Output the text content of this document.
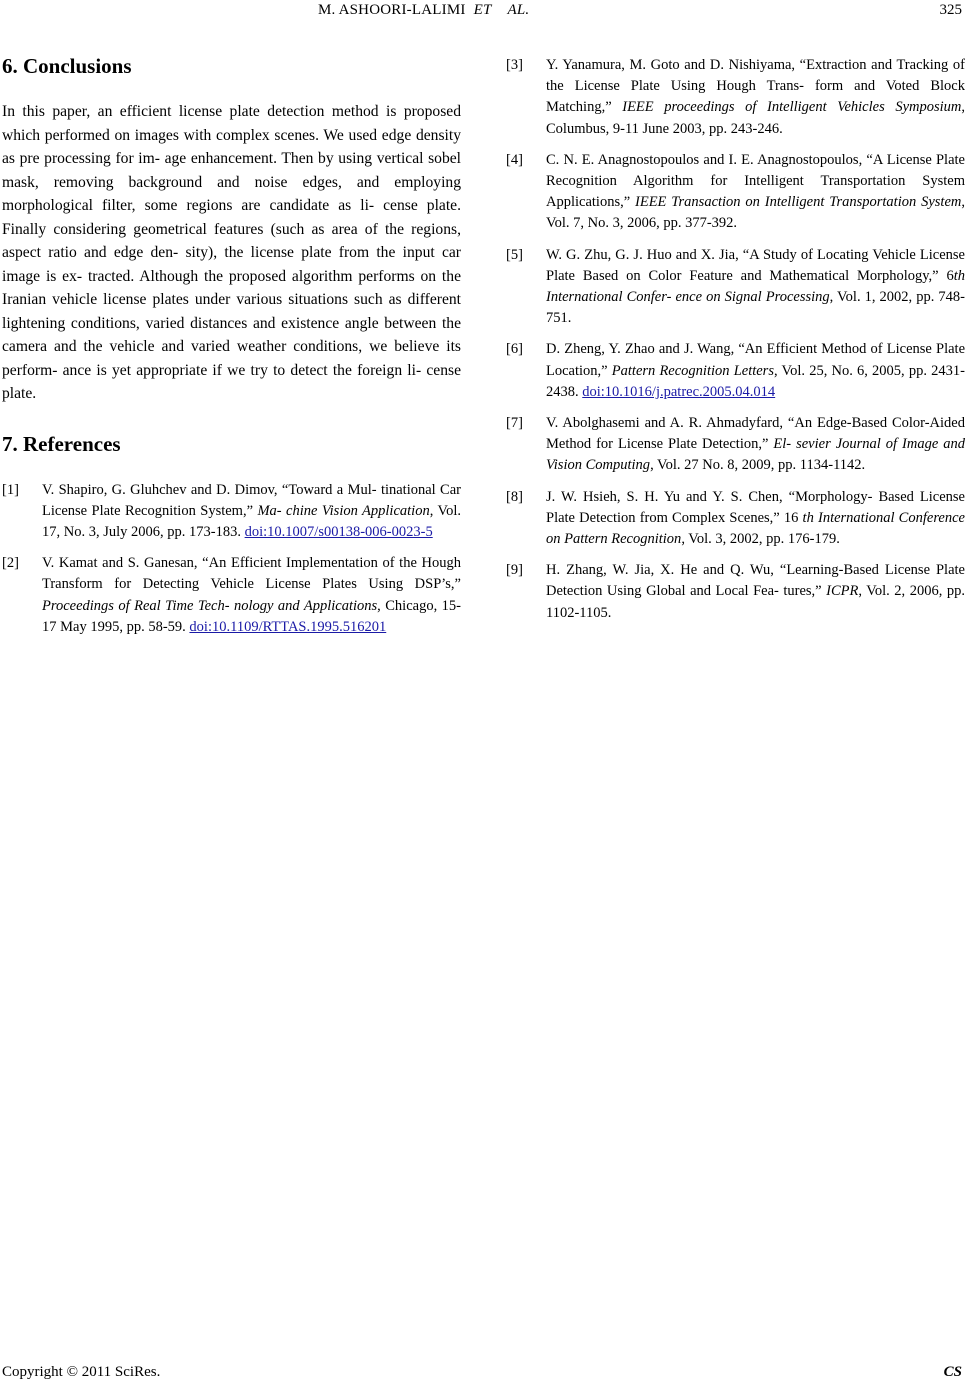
M. ASHOORI-LALIMI ET AL.	325
6. Conclusions

In this paper, an efficient license plate detection method is proposed which performed on images with complex scenes. We used edge density as pre processing for im- age enhancement. Then by using vertical sobel mask, removing background and noise edges, and employing morphological filter, some regions are candidate as li- cense plate. Finally considering geometrical features (such as area of the regions, aspect ratio and edge den- sity), the license plate from the input car image is ex- tracted. Although the proposed algorithm performs on the Iranian vehicle license plates under various situations such as different lightening conditions, varied distances and existence angle between the camera and the vehicle and varied weather conditions, we believe its perform- ance is yet appropriate if we try to detect the foreign li- cense plate.

7. References
[1] V. Shapiro, G. Gluhchev and D. Dimov, “Toward a Mul- tinational Car License Plate Recognition System,” Ma- chine Vision Application, Vol. 17, No. 3, July 2006, pp. 173-183. doi:10.1007/s00138-006-0023-5
[2] V. Kamat and S. Ganesan, “An Efficient Implementation of the Hough Transform for Detecting Vehicle License Plates Using DSP’s,” Proceedings of Real Time Tech- nology and Applications, Chicago, 15-17 May 1995, pp. 58-59. doi:10.1109/RTTAS.1995.516201
[3] Y. Yanamura, M. Goto and D. Nishiyama, “Extraction and Tracking of the License Plate Using Hough Trans- form and Voted Block Matching,” IEEE proceedings of Intelligent Vehicles Symposium, Columbus, 9-11 June 2003, pp. 243-246.
[4] C. N. E. Anagnostopoulos and I. E. Anagnostopoulos, “A License Plate Recognition Algorithm for Intelligent Transportation System Applications,” IEEE Transaction on Intelligent Transportation System, Vol. 7, No. 3, 2006, pp. 377-392.
[5] W. G. Zhu, G. J. Huo and X. Jia, “A Study of Locating Vehicle License Plate Based on Color Feature and Mathematical Morphology,” 6th International Confer- ence on Signal Processing, Vol. 1, 2002, pp. 748-751.
[6] D. Zheng, Y. Zhao and J. Wang, “An Efficient Method of License Plate Location,” Pattern Recognition Letters, Vol. 25, No. 6, 2005, pp. 2431-2438. doi:10.1016/j.patrec.2005.04.014
[7] V. Abolghasemi and A. R. Ahmadyfard, “An Edge-Based Color-Aided Method for License Plate Detection,” El- sevier Journal of Image and Vision Computing, Vol. 27 No. 8, 2009, pp. 1134-1142.
[8] J. W. Hsieh, S. H. Yu and Y. S. Chen, “Morphology- Based License Plate Detection from Complex Scenes,” 16 th International Conference on Pattern Recognition, Vol. 3, 2002, pp. 176-179.
[9] H. Zhang, W. Jia, X. He and Q. Wu, “Learning-Based License Plate Detection Using Global and Local Fea- tures,” ICPR, Vol. 2, 2006, pp. 1102-1105.
Copyright © 2011 SciRes.	CS
